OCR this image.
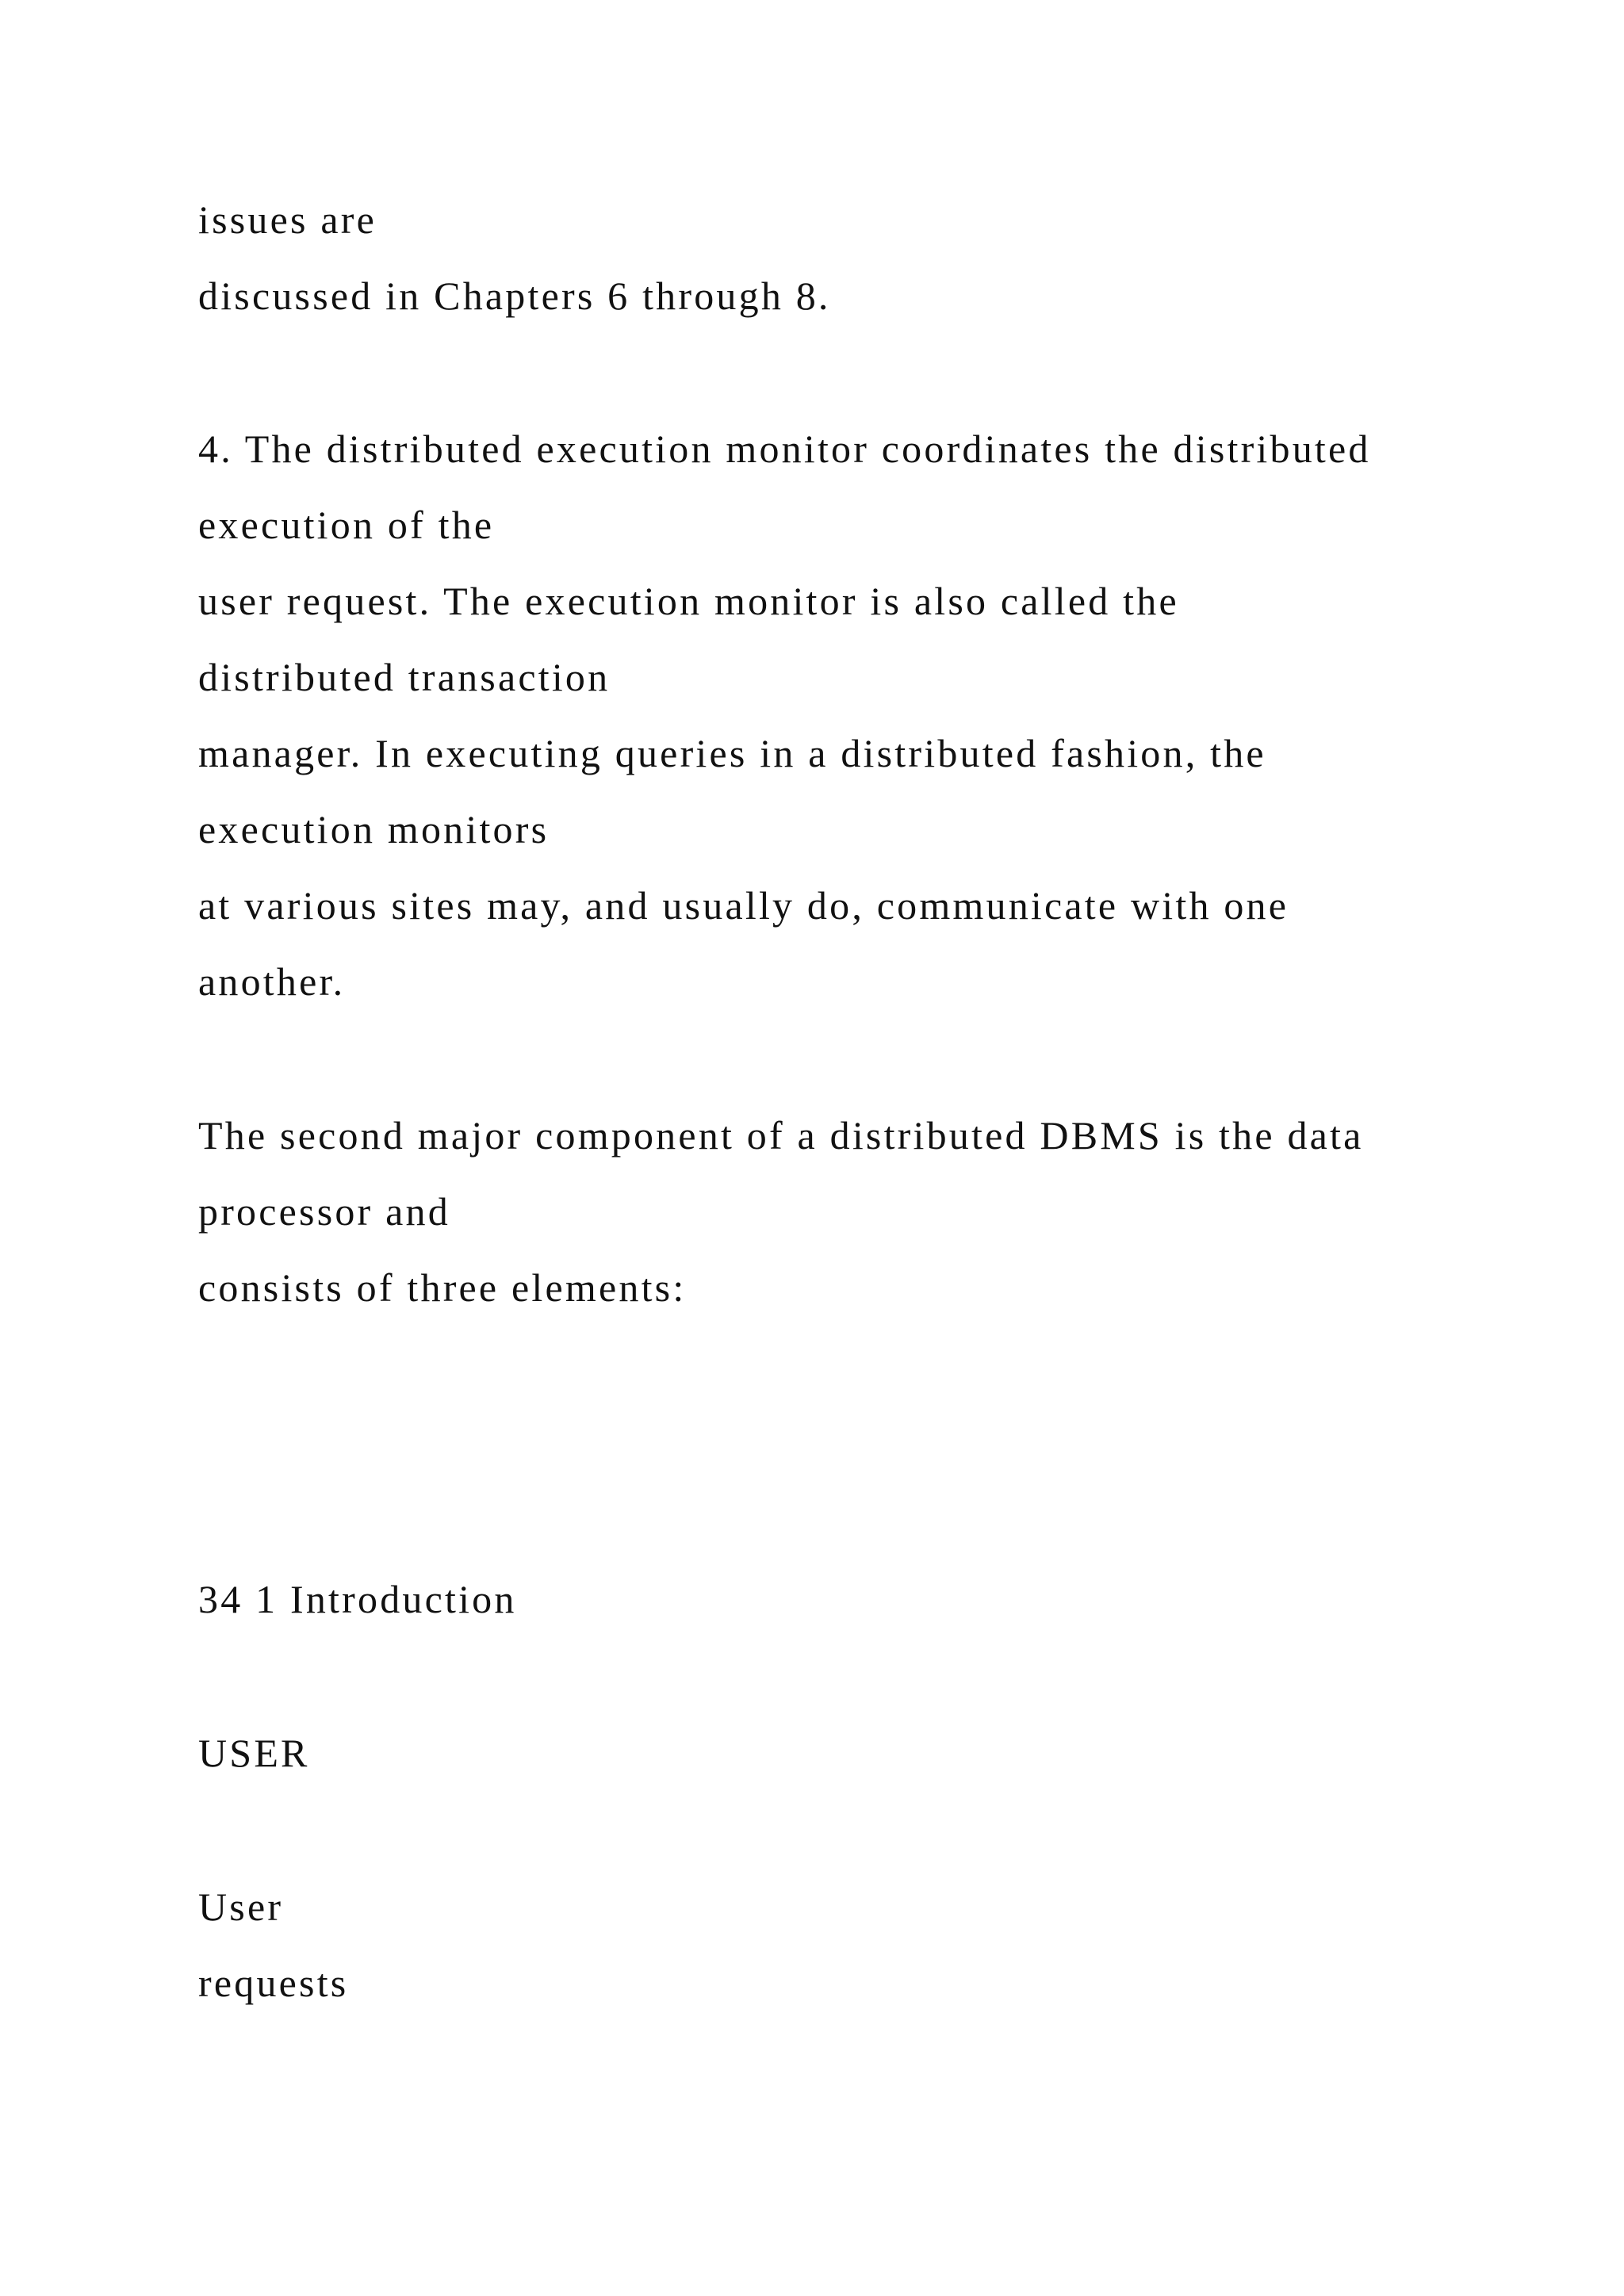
issues are

discussed in Chapters 6 through 8.

4. The distributed execution monitor coordinates the distributed

execution of the

user request. The execution monitor is also called the

distributed transaction

manager. In executing queries in a distributed fashion, the

execution monitors

at various sites may, and usually do, communicate with one

another.

The second major component of a distributed DBMS is the data

processor and

consists of three elements:

34 1 Introduction

USER

User

requests
